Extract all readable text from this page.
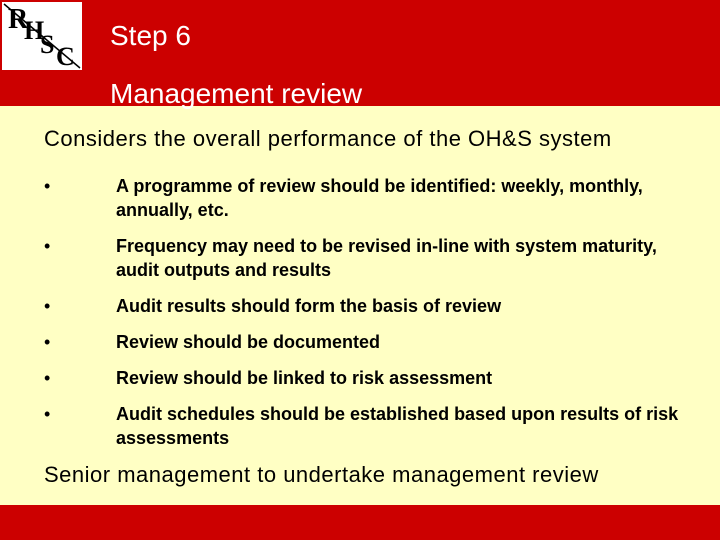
R
H
S C
Step 6
Management review
Considers the overall performance of the OH&S system
•	A programme of review should be identified: weekly, monthly, annually, etc.
•	Frequency may need to be revised in-line with system maturity, audit outputs and results
•	Audit results should form the basis of review
•	Review should be documented
•	Review should be linked to risk assessment
•	Audit schedules should be established based upon results of risk assessments
Senior management to undertake management review
